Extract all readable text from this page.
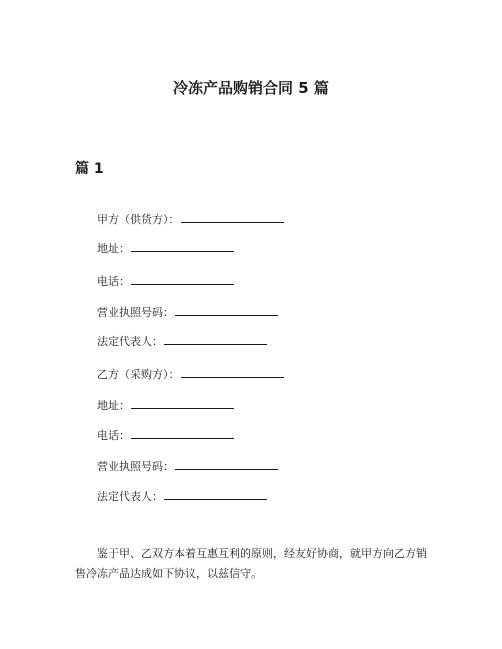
冷冻产品购销合同 5 篇
篇 1
甲方（供货方）：
地址：
电话：
营业执照号码：
法定代表人：
乙方（采购方）：
地址：
电话：
营业执照号码：
法定代表人：

鉴于甲、乙双方本着互惠互利的原则，经友好协商，就甲方向乙方销售冷冻产品达成如下协议，以兹信守。
